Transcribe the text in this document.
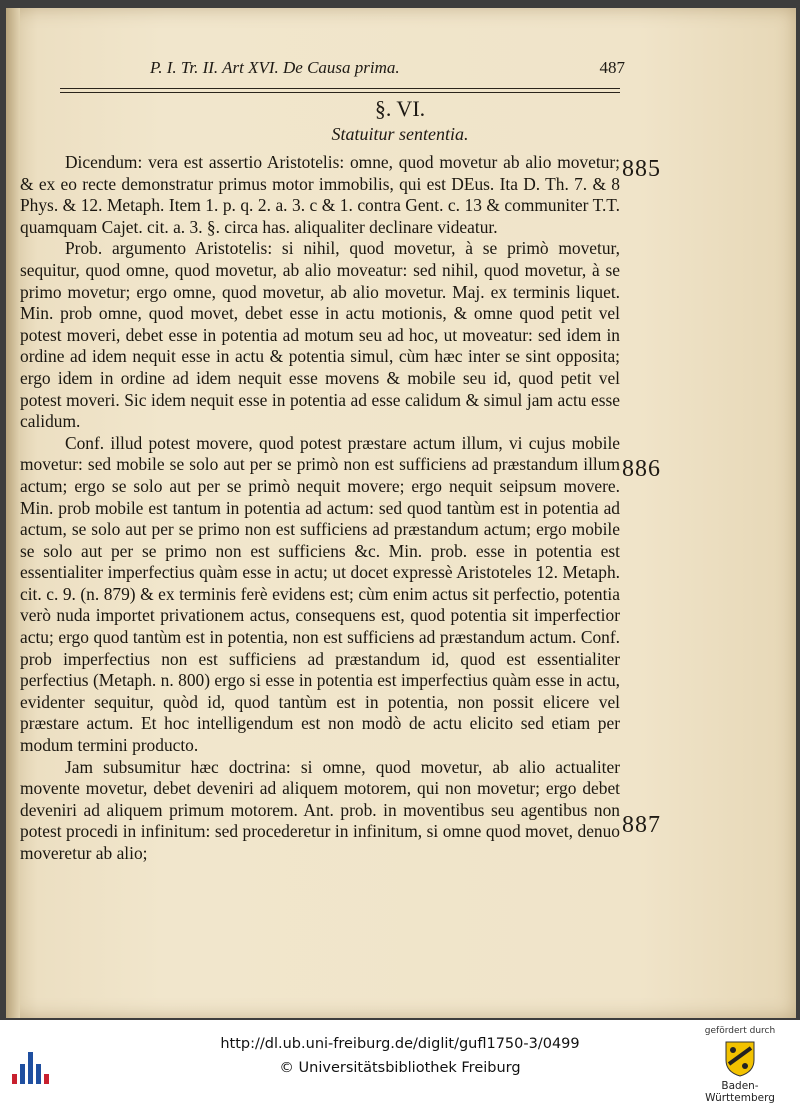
P. I. Tr. II. Art XVI. De Causa prima.	487
§. VI.
Statuitur sententia.

Dicendum: vera est assertio Aristotelis: omne, quod movetur ab alio movetur; & ex eo recte demonstratur primus motor immobilis, qui est DEus. Ita D. Th. 7. & 8 Phys. & 12. Metaph. Item 1. p. q. 2. a. 3. c & 1. contra Gent. c. 13 & communiter T.T. quamquam Cajet. cit. a. 3. §. circa has. aliqualiter declinare videatur.

Prob. argumento Aristotelis: si nihil, quod movetur, à se primò movetur, sequitur, quod omne, quod movetur, ab alio moveatur: sed nihil, quod movetur, à se primo movetur; ergo omne, quod movetur, ab alio movetur. Maj. ex terminis liquet. Min. prob omne, quod movet, debet esse in actu motionis, & omne quod petit vel potest moveri, debet esse in potentia ad motum seu ad hoc, ut moveatur: sed idem in ordine ad idem nequit esse in actu & potentia simul, cùm hæc inter se sint opposita; ergo idem in ordine ad idem nequit esse movens & mobile seu id, quod petit vel potest moveri. Sic idem nequit esse in potentia ad esse calidum & simul jam actu esse calidum.

Conf. illud potest movere, quod potest præstare actum illum, vi cujus mobile movetur: sed mobile se solo aut per se primò non est sufficiens ad præstandum illum actum; ergo se solo aut per se primò nequit movere; ergo nequit seipsum movere. Min. prob mobile est tantum in potentia ad actum: sed quod tantùm est in potentia ad actum, se solo aut per se primo non est sufficiens ad præstandum actum; ergo mobile se solo aut per se primo non est sufficiens &c. Min. prob. esse in potentia est essentialiter imperfectius quàm esse in actu; ut docet expressè Aristoteles 12. Metaph. cit. c. 9. (n. 879) & ex terminis ferè evidens est; cùm enim actus sit perfectio, potentia verò nuda importet privationem actus, consequens est, quod potentia sit imperfectior actu; ergo quod tantùm est in potentia, non est sufficiens ad præstandum actum. Conf. prob imperfectius non est sufficiens ad præstandum id, quod est essentialiter perfectius (Metaph. n. 800) ergo si esse in potentia est imperfectius quàm esse in actu, evidenter sequitur, quòd id, quod tantùm est in potentia, non possit elicere vel præstare actum. Et hoc intelligendum est non modò de actu elicito sed etiam per modum termini producto.

Jam subsumitur hæc doctrina: si omne, quod movetur, ab alio actualiter movente movetur, debet deveniri ad aliquem motorem, qui non movetur; ergo debet deveniri ad aliquem primum motorem. Ant. prob. in moventibus seu agentibus non potest procedi in infinitum: sed procederetur in infinitum, si omne quod movet, denuo moveretur ab alio;

885
886
887
http://dl.ub.uni-freiburg.de/diglit/gufl1750-3/0499
© Universitätsbibliothek Freiburg
gefördert durch
Baden-Württemberg
